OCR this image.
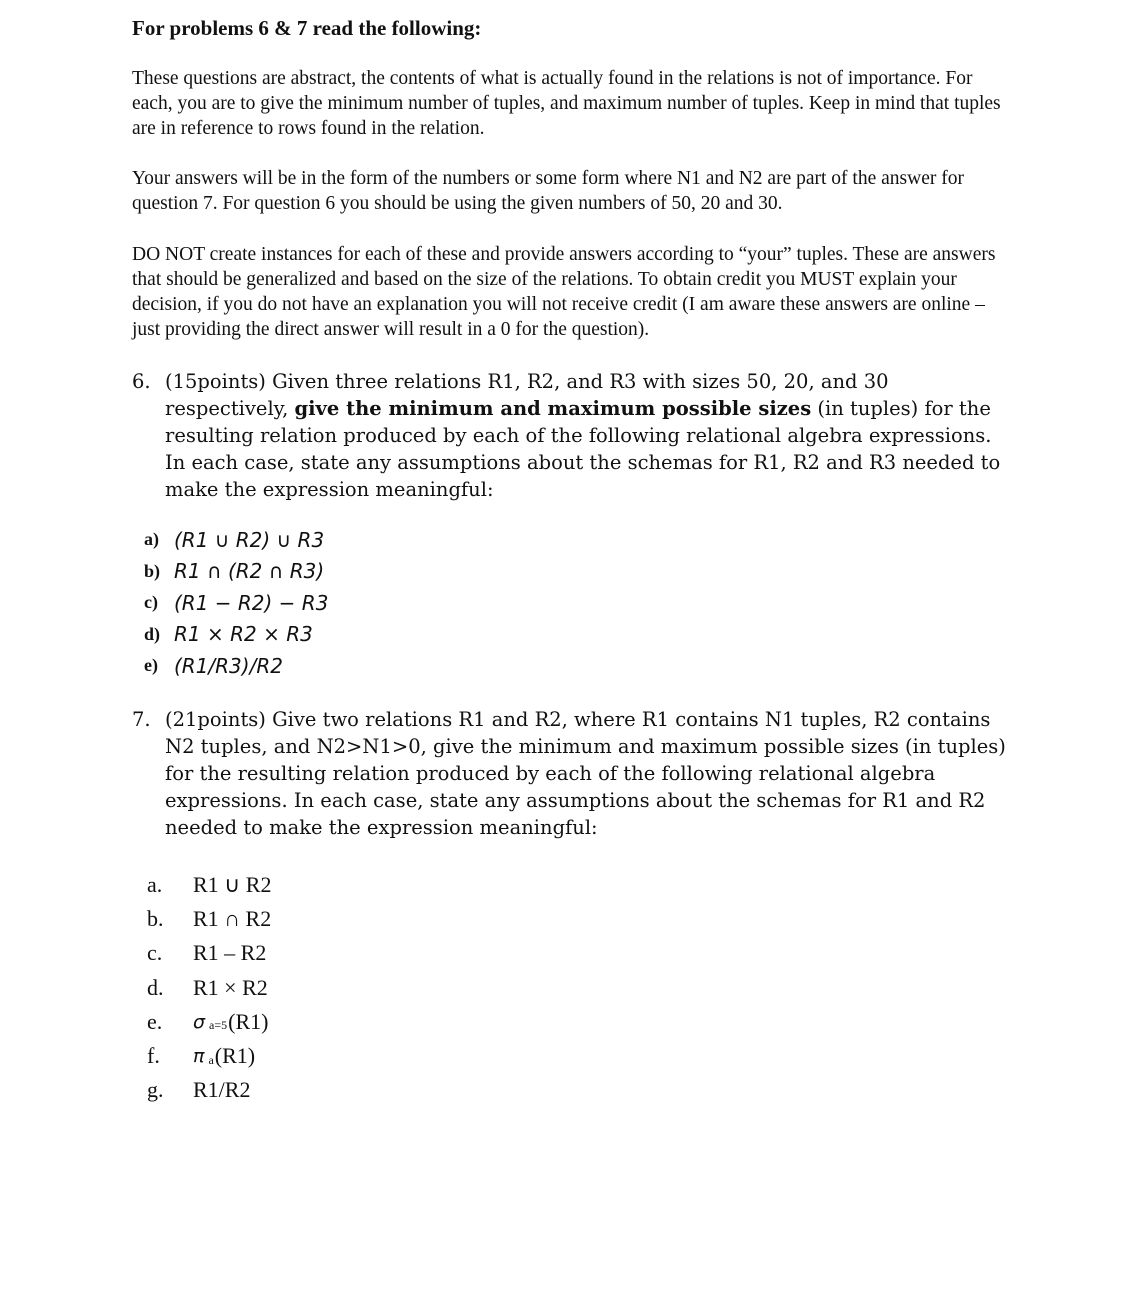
For problems 6 & 7 read the following:
These questions are abstract, the contents of what is actually found in the relations is not of importance. For each, you are to give the minimum number of tuples, and maximum number of tuples. Keep in mind that tuples are in reference to rows found in the relation.
Your answers will be in the form of the numbers or some form where N1 and N2 are part of the answer for question 7. For question 6 you should be using the given numbers of 50, 20 and 30.
DO NOT create instances for each of these and provide answers according to “your” tuples. These are answers that should be generalized and based on the size of the relations. To obtain credit you MUST explain your decision, if you do not have an explanation you will not receive credit (I am aware these answers are online – just providing the direct answer will result in a 0 for the question).
6. (15points) Given three relations R1, R2, and R3 with sizes 50, 20, and 30 respectively, give the minimum and maximum possible sizes (in tuples) for the resulting relation produced by each of the following relational algebra expressions. In each case, state any assumptions about the schemas for R1, R2 and R3 needed to make the expression meaningful:
a) (R1 ∪ R2) ∪ R3
b) R1 ∩ (R2 ∩ R3)
c) (R1 − R2) − R3
d) R1 × R2 × R3
e) (R1/R3)/R2
7. (21points) Give two relations R1 and R2, where R1 contains N1 tuples, R2 contains N2 tuples, and N2>N1>0, give the minimum and maximum possible sizes (in tuples) for the resulting relation produced by each of the following relational algebra expressions. In each case, state any assumptions about the schemas for R1 and R2 needed to make the expression meaningful:
a.	R1 ∪ R2
b.	R1 ∩ R2
c.	R1 – R2
d.	R1 × R2
e.	σ a=5 (R1)
f.	π a (R1)
g.	R1/R2
